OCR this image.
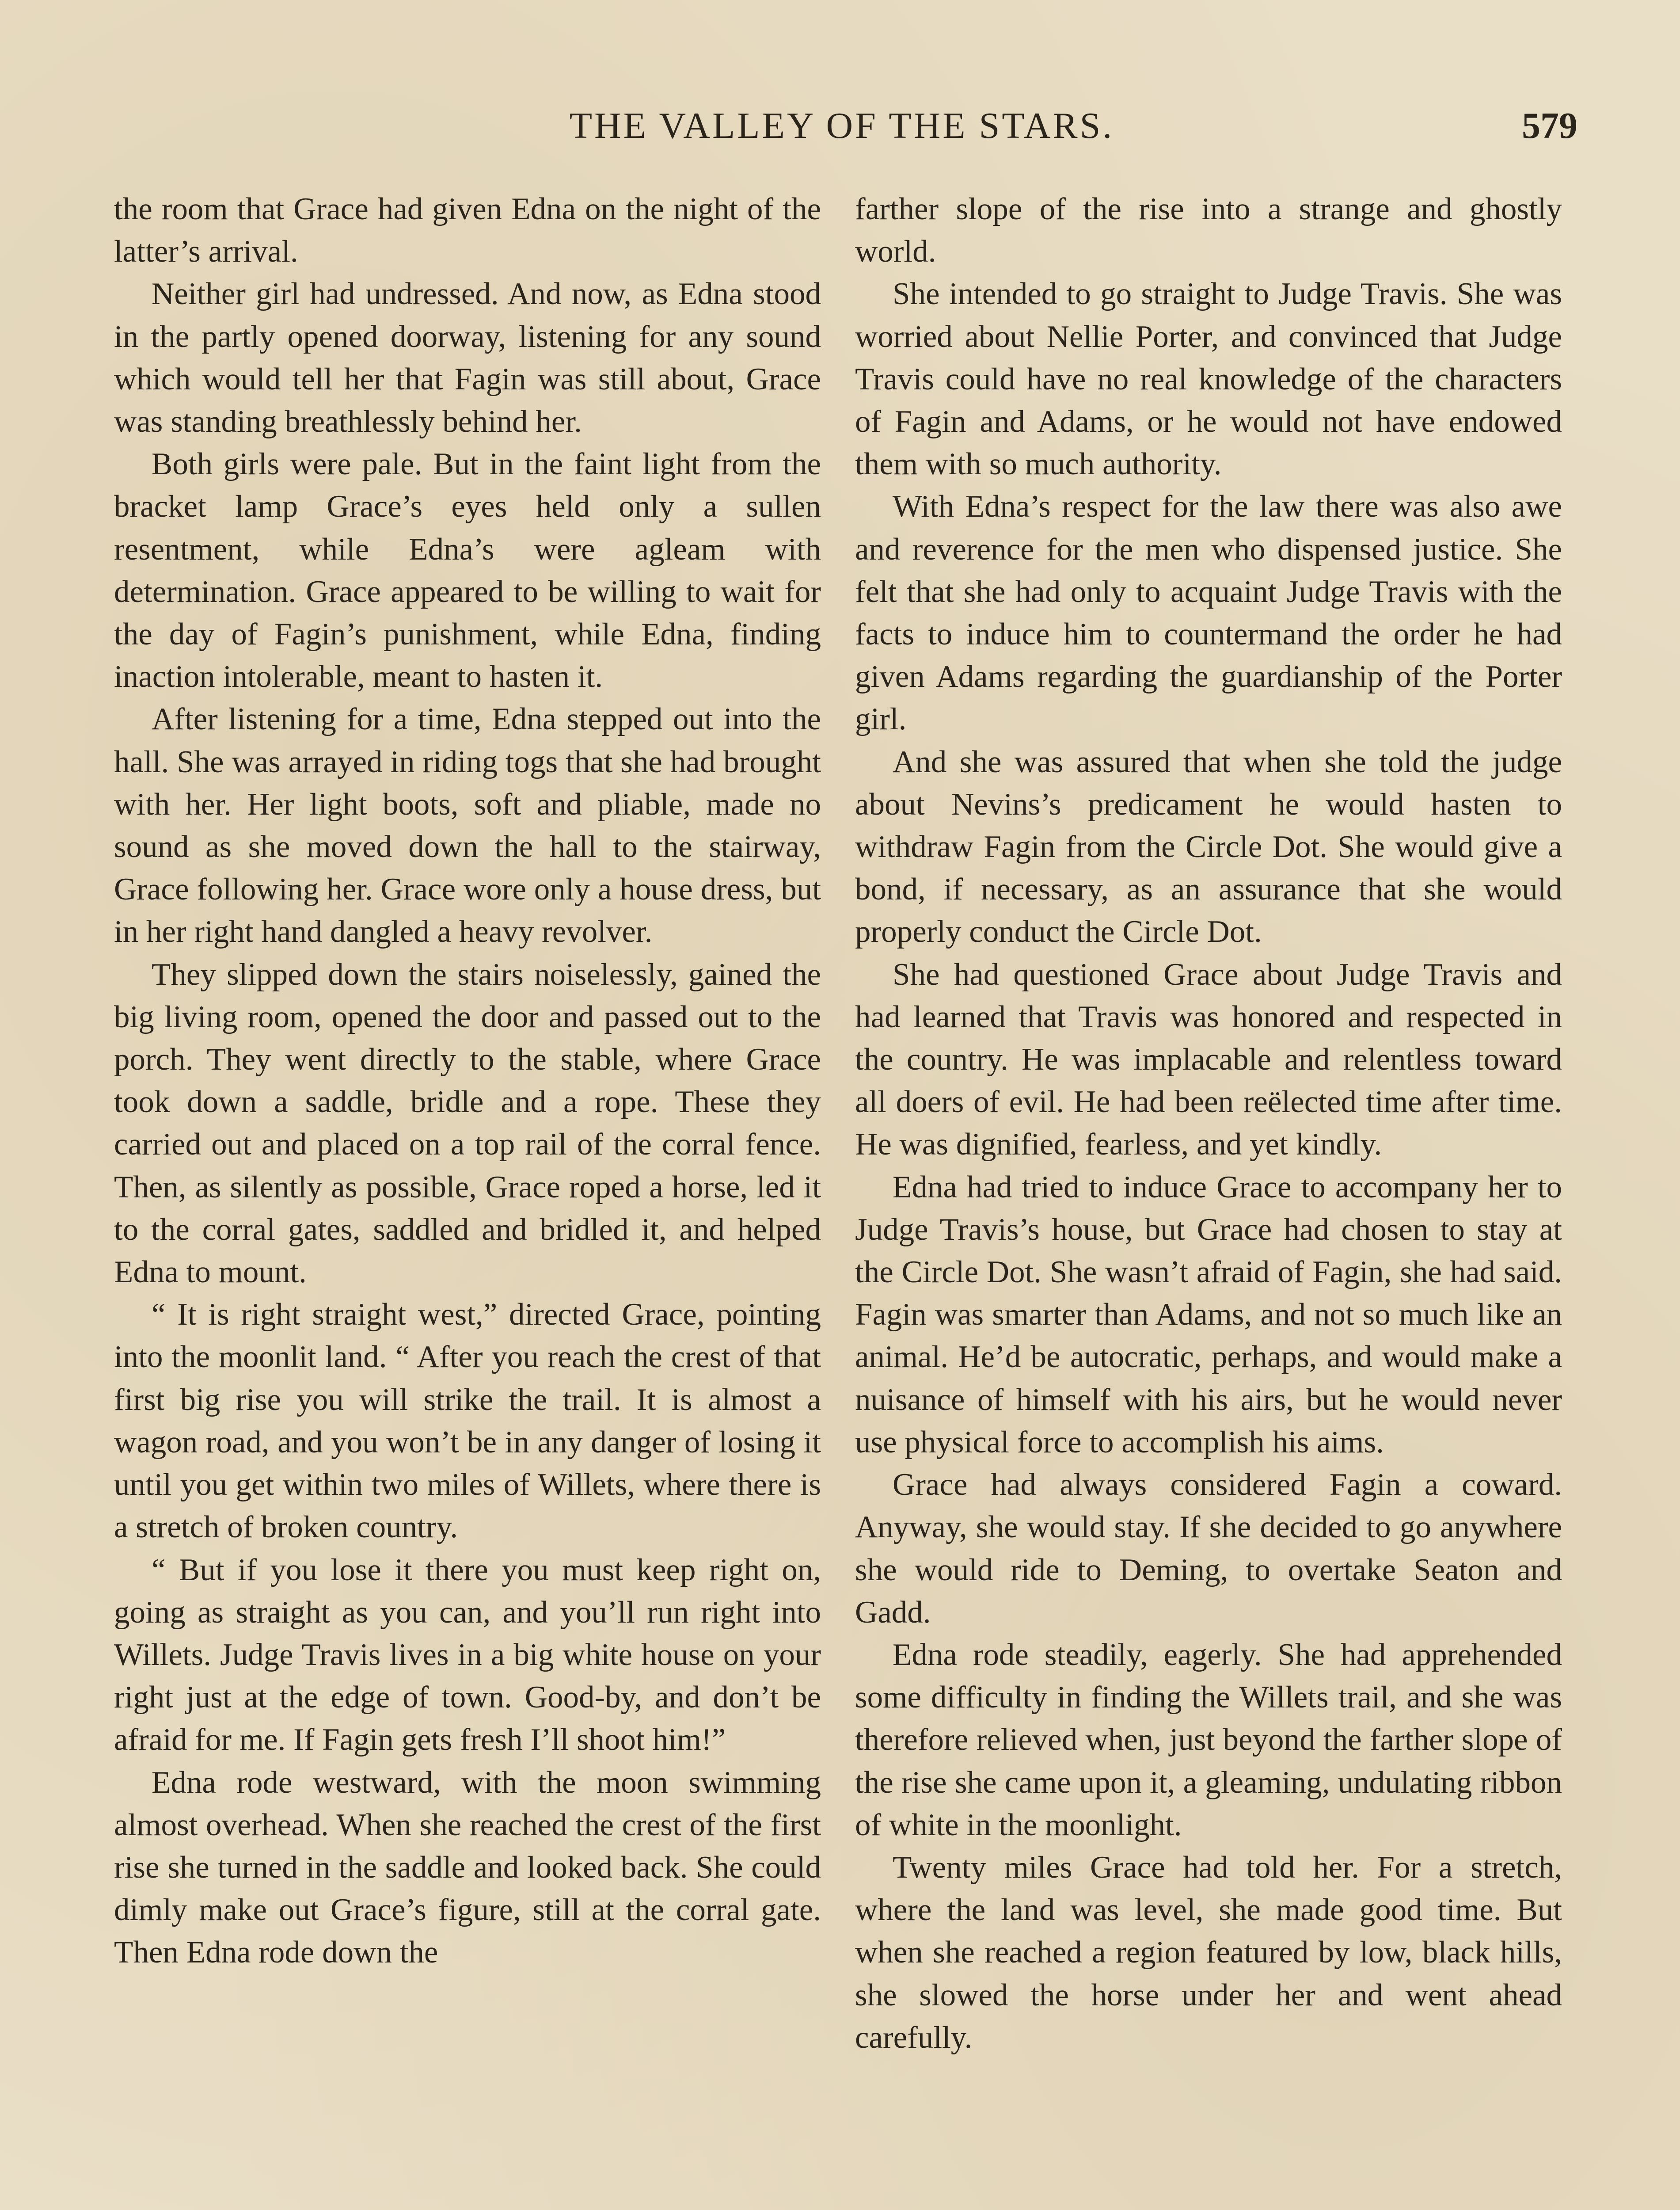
THE VALLEY OF THE STARS.	579

the room that Grace had given Edna on the night of the latter’s arrival.

Neither girl had undressed. And now, as Edna stood in the partly opened doorway, listening for any sound which would tell her that Fagin was still about, Grace was standing breathlessly behind her.

Both girls were pale. But in the faint light from the bracket lamp Grace’s eyes held only a sullen resentment, while Edna’s were agleam with determination. Grace appeared to be willing to wait for the day of Fagin’s punishment, while Edna, finding inaction intolerable, meant to hasten it.

After listening for a time, Edna stepped out into the hall. She was arrayed in riding togs that she had brought with her. Her light boots, soft and pliable, made no sound as she moved down the hall to the stairway, Grace following her. Grace wore only a house dress, but in her right hand dangled a heavy revolver.

They slipped down the stairs noiselessly, gained the big living room, opened the door and passed out to the porch. They went directly to the stable, where Grace took down a saddle, bridle and a rope. These they carried out and placed on a top rail of the corral fence. Then, as silently as possible, Grace roped a horse, led it to the corral gates, saddled and bridled it, and helped Edna to mount.

“ It is right straight west,” directed Grace, pointing into the moonlit land. “ After you reach the crest of that first big rise you will strike the trail. It is almost a wagon road, and you won’t be in any danger of losing it until you get within two miles of Willets, where there is a stretch of broken country.

“ But if you lose it there you must keep right on, going as straight as you can, and you’ll run right into Willets. Judge Travis lives in a big white house on your right just at the edge of town. Good-by, and don’t be afraid for me. If Fagin gets fresh I’ll shoot him!”

Edna rode westward, with the moon swimming almost overhead. When she reached the crest of the first rise she turned in the saddle and looked back. She could dimly make out Grace’s figure, still at the corral gate. Then Edna rode down the

farther slope of the rise into a strange and ghostly world.

She intended to go straight to Judge Travis. She was worried about Nellie Porter, and convinced that Judge Travis could have no real knowledge of the characters of Fagin and Adams, or he would not have endowed them with so much authority.

With Edna’s respect for the law there was also awe and reverence for the men who dispensed justice. She felt that she had only to acquaint Judge Travis with the facts to induce him to countermand the order he had given Adams regarding the guardianship of the Porter girl.

And she was assured that when she told the judge about Nevins’s predicament he would hasten to withdraw Fagin from the Circle Dot. She would give a bond, if necessary, as an assurance that she would properly conduct the Circle Dot.

She had questioned Grace about Judge Travis and had learned that Travis was honored and respected in the country. He was implacable and relentless toward all doers of evil. He had been reëlected time after time. He was dignified, fearless, and yet kindly.

Edna had tried to induce Grace to accompany her to Judge Travis’s house, but Grace had chosen to stay at the Circle Dot. She wasn’t afraid of Fagin, she had said. Fagin was smarter than Adams, and not so much like an animal. He’d be autocratic, perhaps, and would make a nuisance of himself with his airs, but he would never use physical force to accomplish his aims.

Grace had always considered Fagin a coward. Anyway, she would stay. If she decided to go anywhere she would ride to Deming, to overtake Seaton and Gadd.

Edna rode steadily, eagerly. She had apprehended some difficulty in finding the Willets trail, and she was therefore relieved when, just beyond the farther slope of the rise she came upon it, a gleaming, undulating ribbon of white in the moonlight.

Twenty miles Grace had told her. For a stretch, where the land was level, she made good time. But when she reached a region featured by low, black hills, she slowed the horse under her and went ahead carefully.
